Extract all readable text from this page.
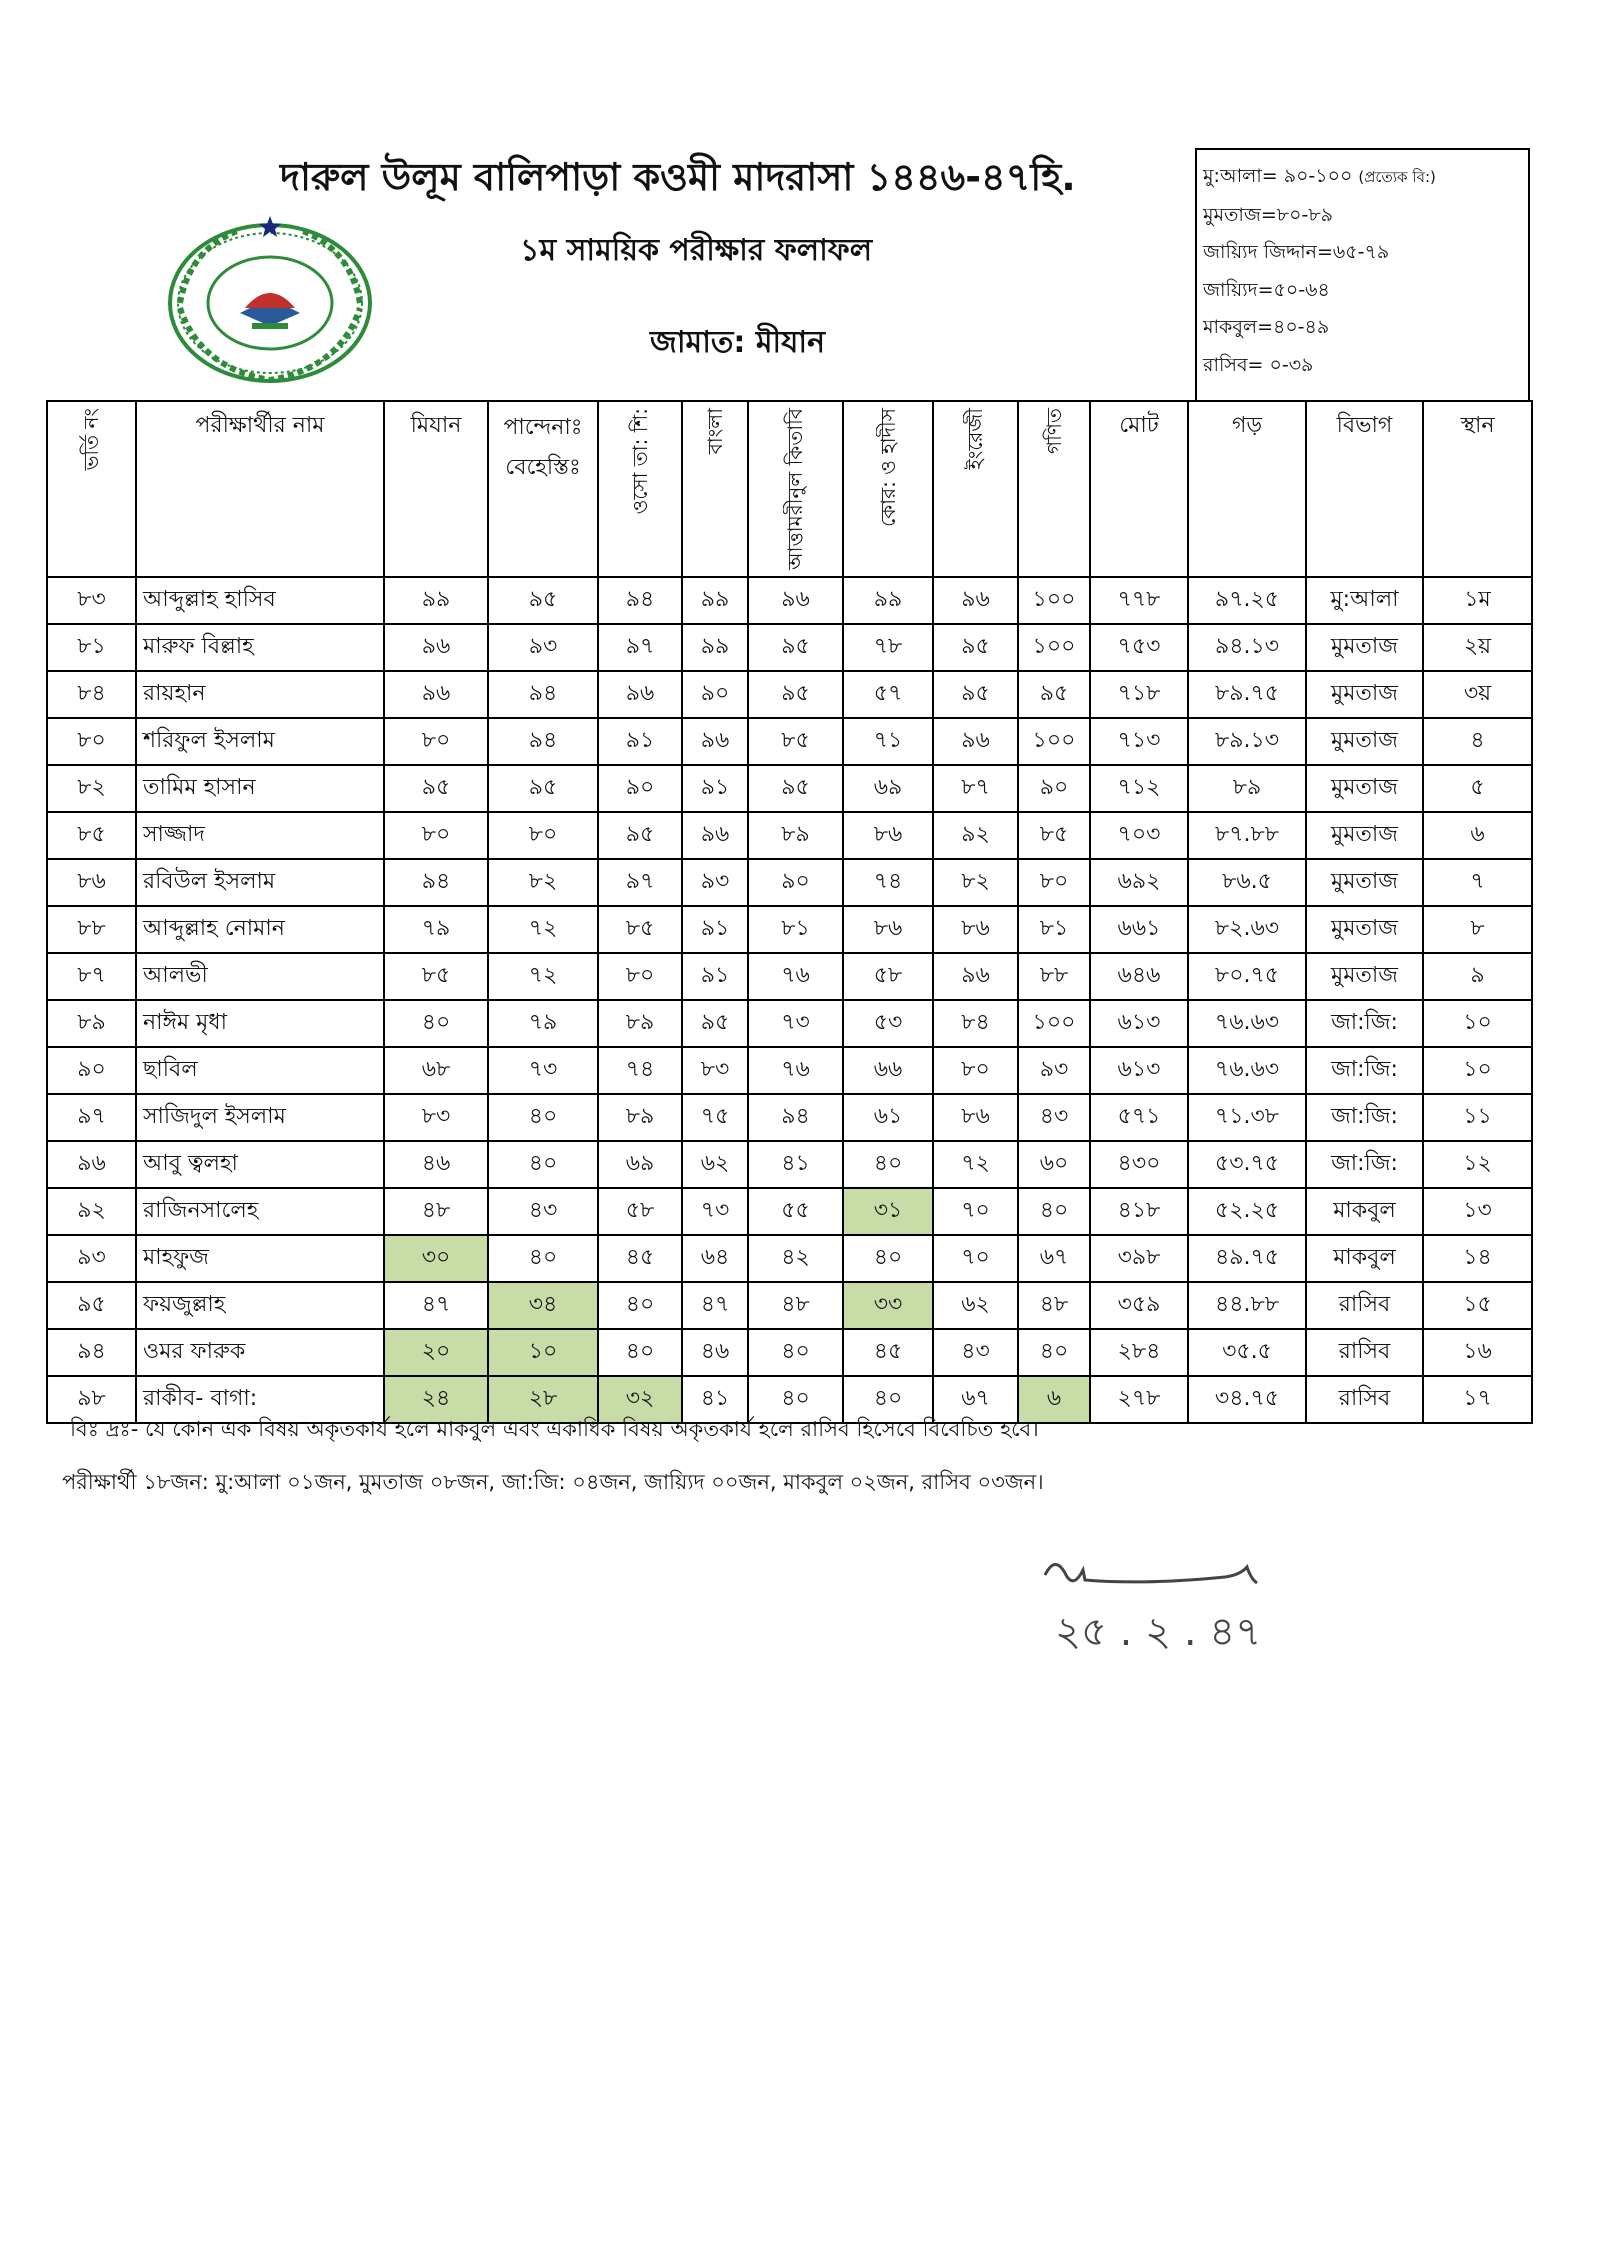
দারুল উলূম বালিপাড়া কওমী মাদরাসা ১৪৪৬-৪৭হি.
১ম সাময়িক পরীক্ষার ফলাফল
জামাত: মীযান
মু:আলা= ৯০-১০০ (প্রত্যেক বি:)
মুমতাজ=৮০-৮৯
জায়্যিদ জিদ্দান=৬৫-৭৯
জায়্যিদ=৫০-৬৪
মাকবুল=৪০-৪৯
রাসিব= ০-৩৯
ভর্তি নং	পরীক্ষার্থীর নাম	মিযান	পান্দেনাঃ বেহেস্তিঃ	ওসো তা: শি:	বাংলা	আত্তামরীনুল কিতাবি	কোর: ও হাদীস	ইংরেজী	গণিত	মোট	গড়	বিভাগ	স্থান
৮৩	আব্দুল্লাহ হাসিব	৯৯	৯৫	৯৪	৯৯	৯৬	৯৯	৯৬	১০০	৭৭৮	৯৭.২৫	মু:আলা	১ম
৮১	মারুফ বিল্লাহ	৯৬	৯৩	৯৭	৯৯	৯৫	৭৮	৯৫	১০০	৭৫৩	৯৪.১৩	মুমতাজ	২য়
৮৪	রায়হান	৯৬	৯৪	৯৬	৯০	৯৫	৫৭	৯৫	৯৫	৭১৮	৮৯.৭৫	মুমতাজ	৩য়
৮০	শরিফুল ইসলাম	৮০	৯৪	৯১	৯৬	৮৫	৭১	৯৬	১০০	৭১৩	৮৯.১৩	মুমতাজ	৪
৮২	তামিম হাসান	৯৫	৯৫	৯০	৯১	৯৫	৬৯	৮৭	৯০	৭১২	৮৯	মুমতাজ	৫
৮৫	সাজ্জাদ	৮০	৮০	৯৫	৯৬	৮৯	৮৬	৯২	৮৫	৭০৩	৮৭.৮৮	মুমতাজ	৬
৮৬	রবিউল ইসলাম	৯৪	৮২	৯৭	৯৩	৯০	৭৪	৮২	৮০	৬৯২	৮৬.৫	মুমতাজ	৭
৮৮	আব্দুল্লাহ নোমান	৭৯	৭২	৮৫	৯১	৮১	৮৬	৮৬	৮১	৬৬১	৮২.৬৩	মুমতাজ	৮
৮৭	আলভী	৮৫	৭২	৮০	৯১	৭৬	৫৮	৯৬	৮৮	৬৪৬	৮০.৭৫	মুমতাজ	৯
৮৯	নাঈম মৃধা	৪০	৭৯	৮৯	৯৫	৭৩	৫৩	৮৪	১০০	৬১৩	৭৬.৬৩	জা:জি:	১০
৯০	ছাবিল	৬৮	৭৩	৭৪	৮৩	৭৬	৬৬	৮০	৯৩	৬১৩	৭৬.৬৩	জা:জি:	১০
৯৭	সাজিদুল ইসলাম	৮৩	৪০	৮৯	৭৫	৯৪	৬১	৮৬	৪৩	৫৭১	৭১.৩৮	জা:জি:	১১
৯৬	আবু ত্বলহা	৪৬	৪০	৬৯	৬২	৪১	৪০	৭২	৬০	৪৩০	৫৩.৭৫	জা:জি:	১২
৯২	রাজিনসালেহ	৪৮	৪৩	৫৮	৭৩	৫৫	৩১	৭০	৪০	৪১৮	৫২.২৫	মাকবুল	১৩
৯৩	মাহফুজ	৩০	৪০	৪৫	৬৪	৪২	৪০	৭০	৬৭	৩৯৮	৪৯.৭৫	মাকবুল	১৪
৯৫	ফয়জুল্লাহ	৪৭	৩৪	৪০	৪৭	৪৮	৩৩	৬২	৪৮	৩৫৯	৪৪.৮৮	রাসিব	১৫
৯৪	ওমর ফারুক	২০	১০	৪০	৪৬	৪০	৪৫	৪৩	৪০	২৮৪	৩৫.৫	রাসিব	১৬
৯৮	রাকীব- বাগা:	২৪	২৮	৩২	৪১	৪০	৪০	৬৭	৬	২৭৮	৩৪.৭৫	রাসিব	১৭
বিঃ দ্রঃ- যে কোন এক বিষয় অকৃতকার্য হলে মাকবুল এবং একাধিক বিষয় অকৃতকার্য হলে রাসিব হিসেবে বিবেচিত হবে।
পরীক্ষার্থী ১৮জন: মু:আলা ০১জন, মুমতাজ ০৮জন, জা:জি: ০৪জন, জায়্যিদ ০০জন, মাকবুল ০২জন, রাসিব ০৩জন।
২৫ . ২ . ৪৭
